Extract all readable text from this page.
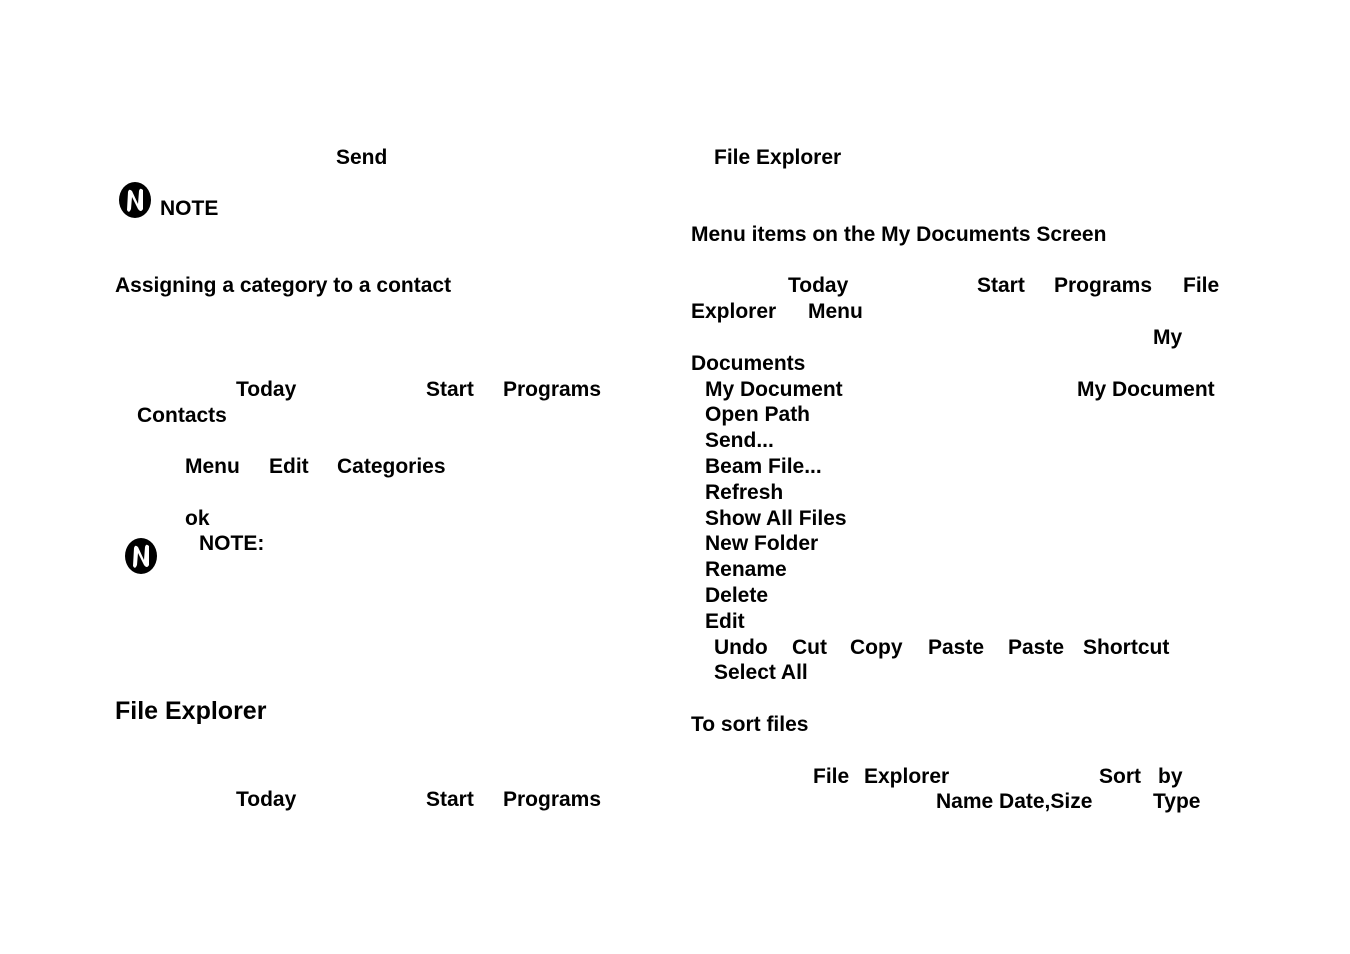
Send
NOTE
Assigning a category to a contact
Today	Start Programs
Contacts
Menu Edit Categories
ok
NOTE:
File Explorer
Today	Start Programs
File Explorer
Menu items on the My Documents Screen
Today	Start Programs File
Explorer Menu
My
Documents
My Document	My Document
Open Path
Send...
Beam File...
Refresh
Show All Files
New Folder
Rename
Delete
Edit
Undo Cut Copy Paste Paste Shortcut
Select All
To sort files
File Explorer	Sort by
Name Date,Size	Type
